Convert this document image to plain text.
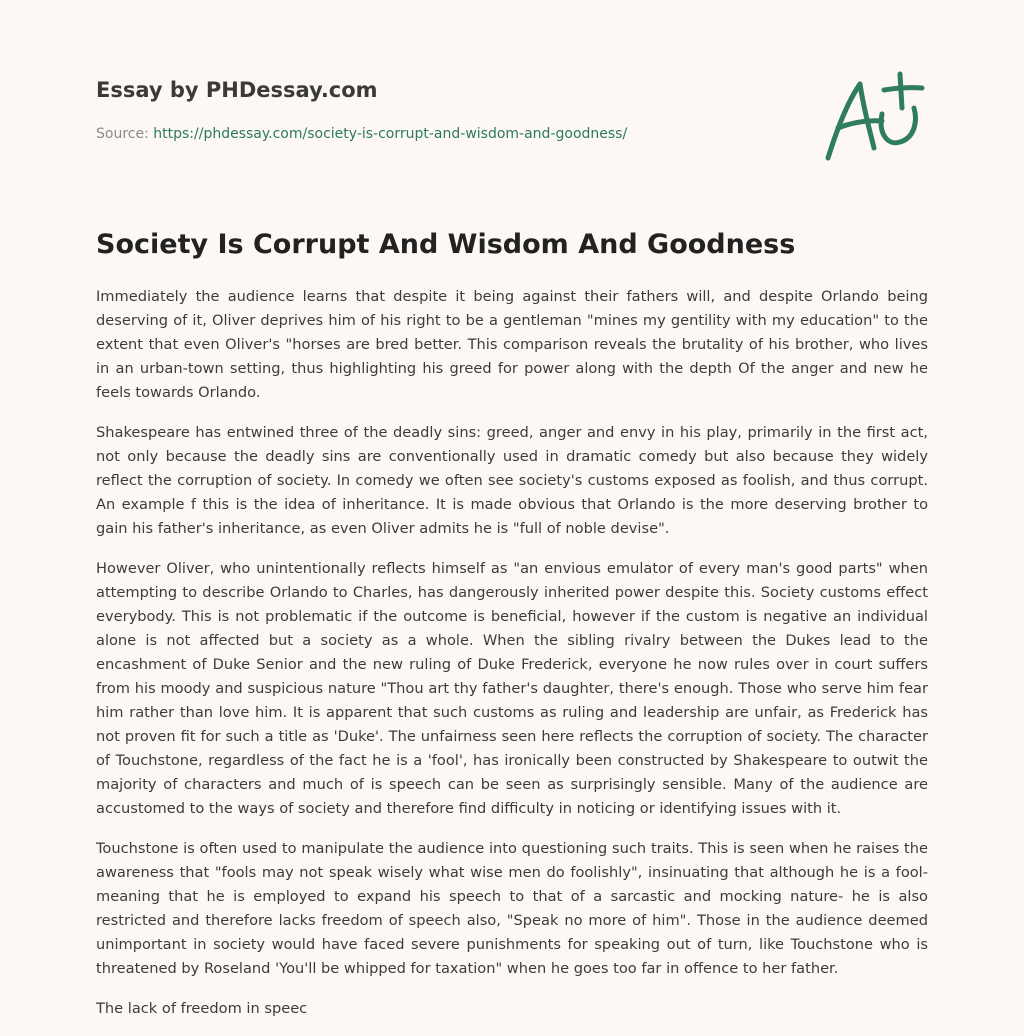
Essay by PHDessay.com
Source: https://phdessay.com/society-is-corrupt-and-wisdom-and-goodness/
Society Is Corrupt And Wisdom And Goodness

Immediately the audience learns that despite it being against their fathers will, and despite Orlando being deserving of it, Oliver deprives him of his right to be a gentleman "mines my gentility with my education" to the extent that even Oliver's "horses are bred better. This comparison reveals the brutality of his brother, who lives in an urban-town setting, thus highlighting his greed for power along with the depth Of the anger and new he feels towards Orlando.

Shakespeare has entwined three of the deadly sins: greed, anger and envy in his play, primarily in the first act, not only because the deadly sins are conventionally used in dramatic comedy but also because they widely reflect the corruption of society. In comedy we often see society's customs exposed as foolish, and thus corrupt. An example f this is the idea of inheritance. It is made obvious that Orlando is the more deserving brother to gain his father's inheritance, as even Oliver admits he is "full of noble devise".

However Oliver, who unintentionally reflects himself as "an envious emulator of every man's good parts" when attempting to describe Orlando to Charles, has dangerously inherited power despite this. Society customs effect everybody. This is not problematic if the outcome is beneficial, however if the custom is negative an individual alone is not affected but a society as a whole. When the sibling rivalry between the Dukes lead to the encashment of Duke Senior and the new ruling of Duke Frederick, everyone he now rules over in court suffers from his moody and suspicious nature "Thou art thy father's daughter, there's enough. Those who serve him fear him rather than love him. It is apparent that such customs as ruling and leadership are unfair, as Frederick has not proven fit for such a title as 'Duke'. The unfairness seen here reflects the corruption of society. The character of Touchstone, regardless of the fact he is a 'fool', has ironically been constructed by Shakespeare to outwit the majority of characters and much of is speech can be seen as surprisingly sensible. Many of the audience are accustomed to the ways of society and therefore find difficulty in noticing or identifying issues with it.

Touchstone is often used to manipulate the audience into questioning such traits. This is seen when he raises the awareness that "fools may not speak wisely what wise men do foolishly", insinuating that although he is a fool- meaning that he is employed to expand his speech to that of a sarcastic and mocking nature- he is also restricted and therefore lacks freedom of speech also, "Speak no more of him". Those in the audience deemed unimportant in society would have faced severe punishments for speaking out of turn, like Touchstone who is threatened by Roseland 'You'll be whipped for taxation" when he goes too far in offence to her father.

The lack of freedom in speec
